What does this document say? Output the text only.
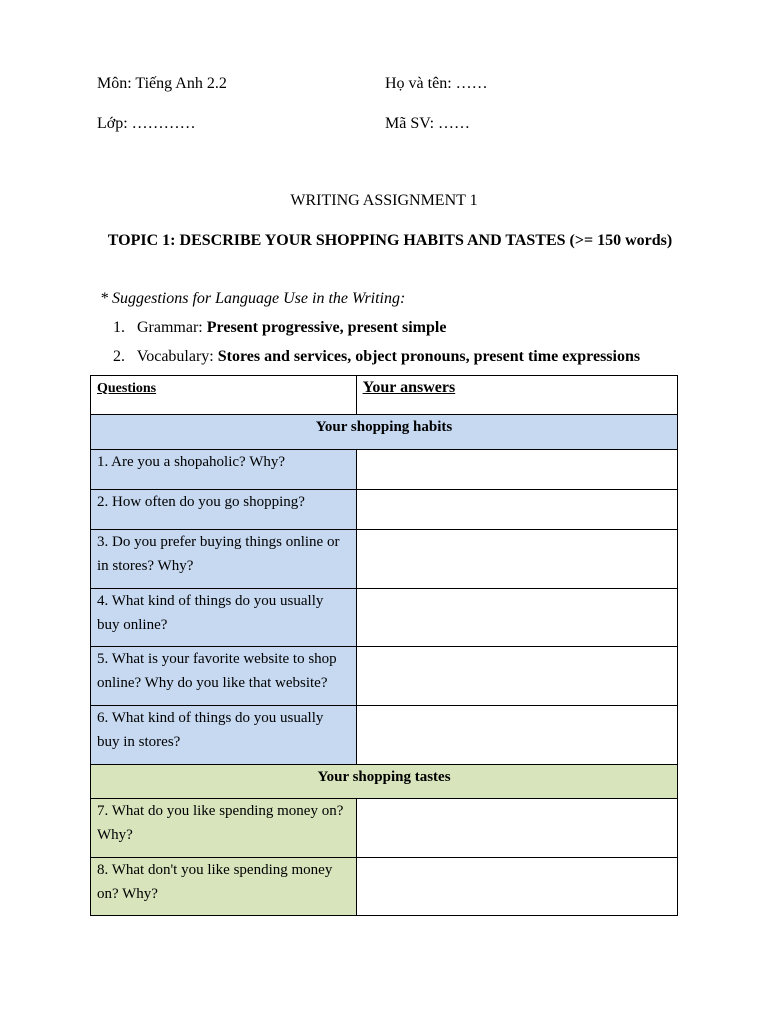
Môn: Tiếng Anh 2.2	Họ và tên: ……
Lớp: …………	Mã SV: ……
WRITING ASSIGNMENT 1
TOPIC 1: DESCRIBE YOUR SHOPPING HABITS AND TASTES (>= 150 words)
* Suggestions for Language Use in the Writing:
1. Grammar: Present progressive, present simple
2. Vocabulary: Stores and services, object pronouns, present time expressions
Questions	Your answers
Your shopping habits	
1. Are you a shopaholic? Why?	
2. How often do you go shopping?	
3. Do you prefer buying things online or in stores? Why?	
4. What kind of things do you usually buy online?	
5. What is your favorite website to shop online? Why do you like that website?	
6. What kind of things do you usually buy in stores?	
Your shopping tastes	
7. What do you like spending money on? Why?	
8. What don't you like spending money on? Why?	
